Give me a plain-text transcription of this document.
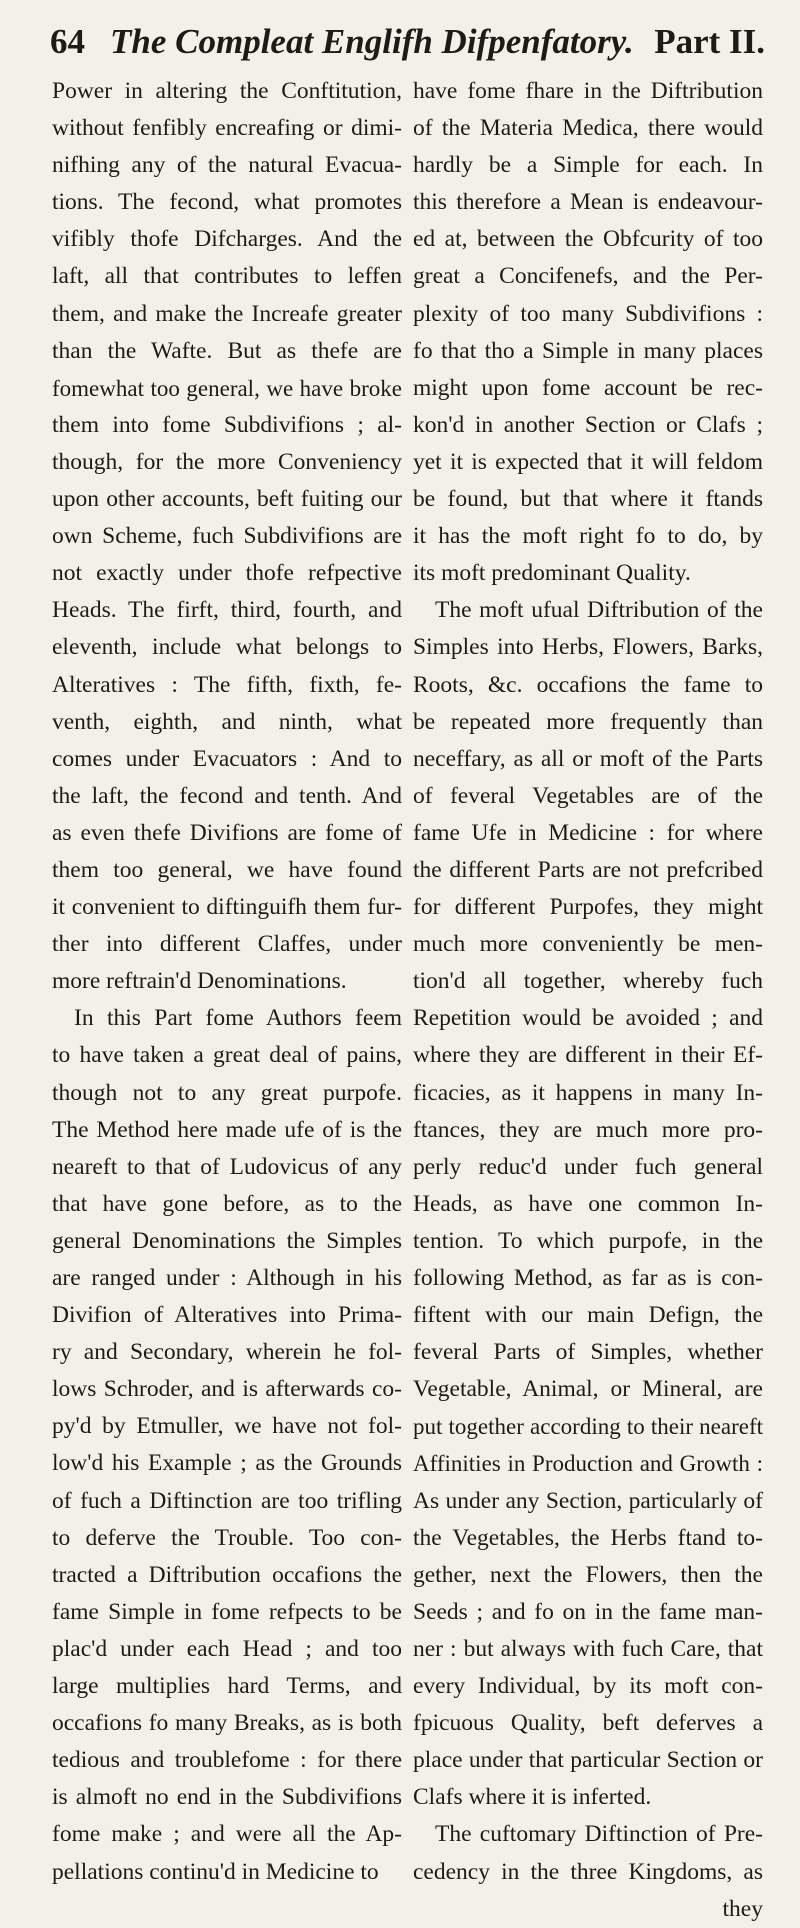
64 The Compleat Englifh Difpenfatory. Part II.
Power in altering the Conftitution,
without fenfibly encreafing or dimi-
nifhing any of the natural Evacua-
tions. The fecond, what promotes
vifibly thofe Difcharges. And the
laft, all that contributes to leffen
them, and make the Increafe greater
than the Wafte. But as thefe are
fomewhat too general, we have broke
them into fome Subdivifions ; al-
though, for the more Conveniency
upon other accounts, beft fuiting our
own Scheme, fuch Subdivifions are
not exactly under thofe refpective
Heads. The firft, third, fourth, and
eleventh, include what belongs to
Alteratives : The fifth, fixth, fe-
venth, eighth, and ninth, what
comes under Evacuators : And to
the laft, the fecond and tenth. And
as even thefe Divifions are fome of
them too general, we have found
it convenient to diftinguifh them fur-
ther into different Claffes, under
more reftrain'd Denominations.
In this Part fome Authors feem
to have taken a great deal of pains,
though not to any great purpofe.
The Method here made ufe of is the
neareft to that of Ludovicus of any
that have gone before, as to the
general Denominations the Simples
are ranged under : Although in his
Divifion of Alteratives into Prima-
ry and Secondary, wherein he fol-
lows Schroder, and is afterwards co-
py'd by Etmuller, we have not fol-
low'd his Example ; as the Grounds
of fuch a Diftinction are too trifling
to deferve the Trouble. Too con-
tracted a Diftribution occafions the
fame Simple in fome refpects to be
plac'd under each Head ; and too
large multiplies hard Terms, and
occafions fo many Breaks, as is both
tedious and troublefome : for there
is almoft no end in the Subdivifions
fome make ; and were all the Ap-
pellations continu'd in Medicine to
have fome fhare in the Diftribution
of the Materia Medica, there would
hardly be a Simple for each. In
this therefore a Mean is endeavour-
ed at, between the Obfcurity of too
great a Concifenefs, and the Per-
plexity of too many Subdivifions :
fo that tho a Simple in many places
might upon fome account be rec-
kon'd in another Section or Clafs ;
yet it is expected that it will feldom
be found, but that where it ftands
it has the moft right fo to do, by
its moft predominant Quality.
The moft ufual Diftribution of the
Simples into Herbs, Flowers, Barks,
Roots, &c. occafions the fame to
be repeated more frequently than
neceffary, as all or moft of the Parts
of feveral Vegetables are of the
fame Ufe in Medicine : for where
the different Parts are not prefcribed
for different Purpofes, they might
much more conveniently be men-
tion'd all together, whereby fuch
Repetition would be avoided ; and
where they are different in their Ef-
ficacies, as it happens in many In-
ftances, they are much more pro-
perly reduc'd under fuch general
Heads, as have one common In-
tention. To which purpofe, in the
following Method, as far as is con-
fiftent with our main Defign, the
feveral Parts of Simples, whether
Vegetable, Animal, or Mineral, are
put together according to their neareft
Affinities in Production and Growth :
As under any Section, particularly of
the Vegetables, the Herbs ftand to-
gether, next the Flowers, then the
Seeds ; and fo on in the fame man-
ner : but always with fuch Care, that
every Individual, by its moft con-
fpicuous Quality, beft deferves a
place under that particular Section or
Clafs where it is inferted.
The cuftomary Diftinction of Pre-
cedency in the three Kingdoms, as
they
